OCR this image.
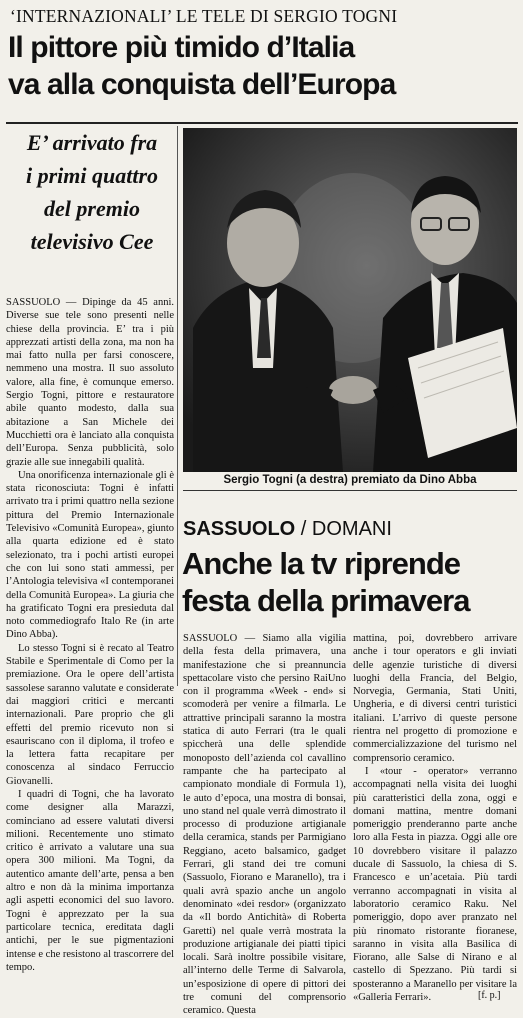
‘INTERNAZIONALI’ LE TELE DI SERGIO TOGNI
Il pittore più timido d’Italia
va alla conquista dell’Europa
E’ arrivato fra
i primi quattro
del premio
televisivo Cee
Sergio Togni (a destra) premiato da Dino Abba

SASSUOLO — Dipinge da 45 anni. Diverse sue tele sono presenti nelle chiese della provincia. E’ tra i più apprezzati artisti della zona, ma non ha mai fatto nulla per farsi conoscere, nemmeno una mostra. Il suo assoluto valore, alla fine, è comunque emerso. Sergio Togni, pittore e restauratore abile quanto modesto, dalla sua abitazione a San Michele dei Mucchietti ora è lanciato alla conquista dell’Europa. Senza pubblicità, solo grazie alle sue innegabili qualità.

Una onorificenza internazionale gli è stata riconosciuta: Togni è infatti arrivato tra i primi quattro nella sezione pittura del Premio Internazionale Televisivo «Comunità Europea», giunto alla quarta edizione ed è stato selezionato, tra i pochi artisti europei che con lui sono stati ammessi, per l’Antologia televisiva «I contemporanei della Comunità Europea». La giuria che ha gratificato Togni era presieduta dal noto commediografo Italo Re (in arte Dino Abba).

Lo stesso Togni si è recato al Teatro Stabile e Sperimentale di Como per la premiazione. Ora le opere dell’artista sassolese saranno valutate e considerate dai maggiori critici e mercanti internazionali. Pare proprio che gli effetti del premio ricevuto non si esauriscano con il diploma, il trofeo e la lettera fatta recapitare per conoscenza al sindaco Ferruccio Giovanelli.

I quadri di Togni, che ha lavorato come designer alla Marazzi, cominciano ad essere valutati diversi milioni. Recentemente uno stimato critico è arrivato a valutare una sua opera 300 milioni. Ma Togni, da autentico amante dell’arte, pensa a ben altro e non dà la minima importanza agli aspetti economici del suo lavoro. Togni è apprezzato per la sua particolare tecnica, ereditata dagli antichi, per le sue pigmentazioni intense e che resistono al trascorrere del tempo.

SASSUOLO / DOMANI
Anche la tv riprende
festa della primavera

SASSUOLO — Siamo alla vigilia della festa della primavera, una manifestazione che si preannuncia spettacolare visto che persino RaiUno con il programma «Week - end» si scomoderà per venire a filmarla. Le attrattive principali saranno la mostra statica di auto Ferrari (tra le quali spiccherà una delle splendide monoposto dell’azienda col cavallino rampante che ha partecipato al campionato mondiale di Formula 1), le auto d’epoca, una mostra di bonsai, uno stand nel quale verrà dimostrato il processo di produzione artigianale della ceramica, stands per Parmigiano Reggiano, aceto balsamico, gadget Ferrari, gli stand dei tre comuni (Sassuolo, Fiorano e Maranello), tra i quali avrà spazio anche un angolo denominato «dei resdor» (organizzato da «Il bordo Antichità» di Roberta Garetti) nel quale verrà mostrata la produzione artigianale dei piatti tipici locali. Sarà inoltre possibile visitare, all’interno delle Terme di Salvarola, un’esposizione di opere di pittori dei tre comuni del comprensorio ceramico. Questa

mattina, poi, dovrebbero arrivare anche i tour operators e gli inviati delle agenzie turistiche di diversi luoghi della Francia, del Belgio, Norvegia, Germania, Stati Uniti, Ungheria, e di diversi centri turistici italiani. L’arrivo di queste persone rientra nel progetto di promozione e commercializzazione del turismo nel comprensorio ceramico.

I «tour - operator» verranno accompagnati nella visita dei luoghi più caratteristici della zona, oggi e domani mattina, mentre domani pomeriggio prenderanno parte anche loro alla Festa in piazza. Oggi alle ore 10 dovrebbero visitare il palazzo ducale di Sassuolo, la chiesa di S. Francesco e un’acetaia. Più tardi verranno accompagnati in visita al laboratorio ceramico Raku. Nel pomeriggio, dopo aver pranzato nel più rinomato ristorante fioranese, saranno in visita alla Basilica di Fiorano, alle Salse di Nirano e al castello di Spezzano. Più tardi si sposteranno a Maranello per visitare la «Galleria Ferrari».	[f. p.]
